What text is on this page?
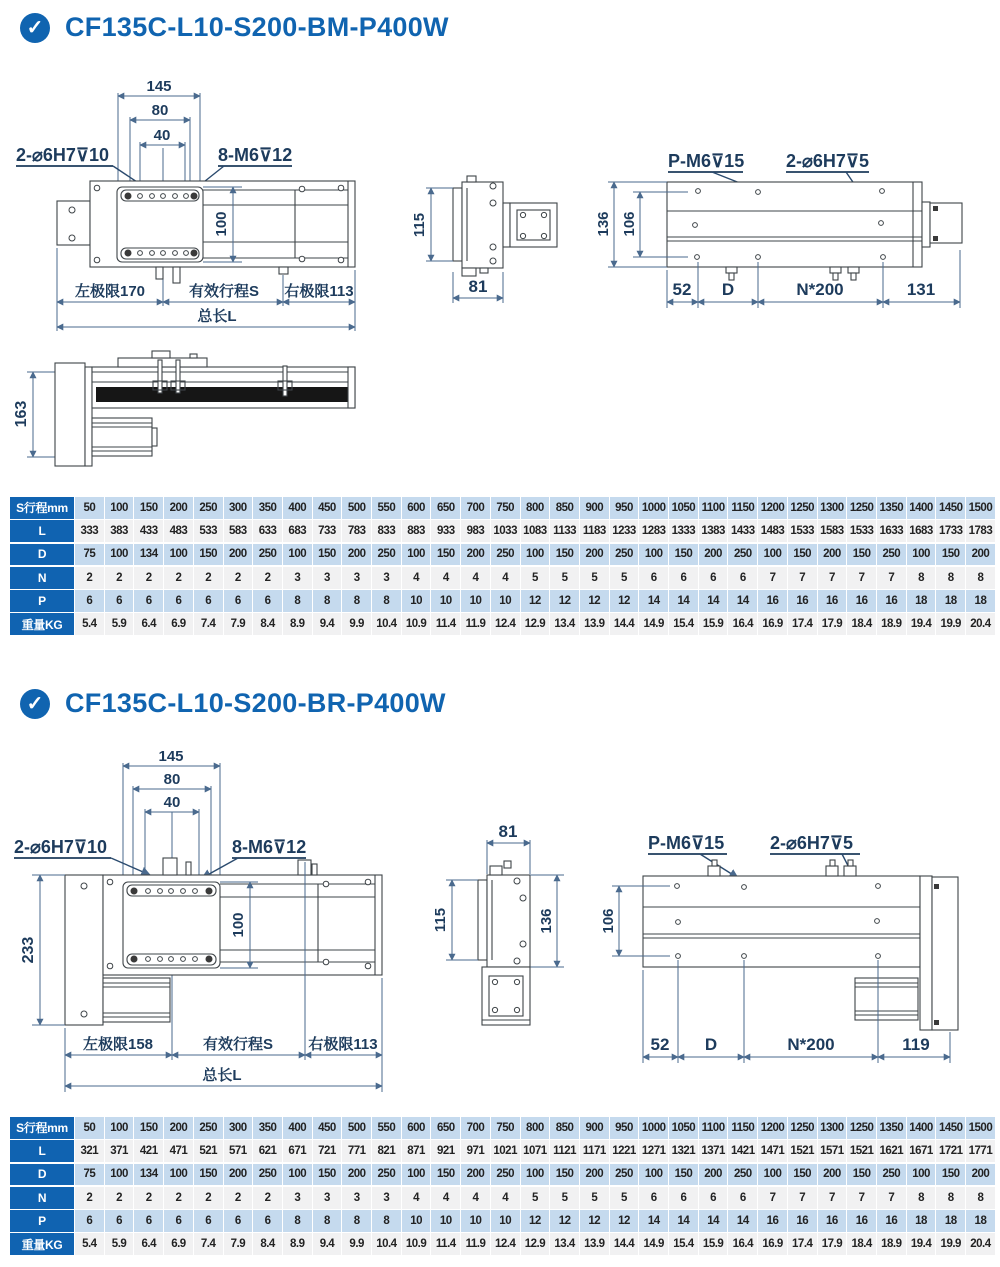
✓ CF135C-L10-S200-BM-P400W
145
80
40
2-⌀6H7⊽10	8-M6⊽12
100
左极限170	有效行程S 右极限113
总长L
115
81
P-M6⊽15 2-⌀6H7⊽5
136 106
52 D	N*200	131
163
S行程mm	50	100	150	200	250	300	350	400	450	500	550	600	650	700	750	800	850	900	950 1000 1050 1100 1150 1200 1250 1300 1250 1350 1400 1450 1500
L	333	383	433	483	533	583	633	683	733	783	833	883	933	983 1033 1083 1133 1183 1233 1283 1333 1383 1433 1483 1533 1583 1533 1633 1683 1733 1783
D	75	100	134	100	150	200	250	100	150	200	250	100	150	200	250	100	150	200	250	100	150	200	250	100	150	200	150	250	100	150	200
N	2	2	2	2	2	2	2	3	3	3	3	4	4	4	4	5	5	5	5	6	6	6	6	7	7	7	7	7	8	8	8
P	6	6	6	6	6	6	6	8	8	8	8	10	10	10	10	12	12	12	12	14	14	14	14	16	16	16	16	16	18	18	18
重量KG	5.4	5.9	6.4	6.9	7.4	7.9	8.4	8.9	9.4	9.9	10.4 10.9 11.4 11.9 12.4 12.9 13.4 13.9 14.4 14.9 15.4 15.9 16.4 16.9 17.4 17.9 18.4 18.9 19.4 19.9 20.4
✓ CF135C-L10-S200-BR-P400W
145
80
40
2-⌀6H7⊽10	8-M6⊽12
100
233
左极限158	有效行程S 右极限113
总长L
81
115	136
P-M6⊽15	2-⌀6H7⊽5
106
52 D	N*200	119
S行程mm	50	100	150	200	250	300	350	400	450	500	550	600	650	700	750	800	850	900	950 1000 1050 1100 1150 1200 1250 1300 1250 1350 1400 1450 1500
L	321	371	421	471	521	571	621	671	721	771	821	871	921	971 1021 1071 1121 1171 1221 1271 1321 1371 1421 1471 1521 1571 1521 1621 1671 1721 1771
D	75	100	134	100	150	200	250	100	150	200	250	100	150	200	250	100	150	200	250	100	150	200	250	100	150	200	150	250	100	150	200
N	2	2	2	2	2	2	2	3	3	3	3	4	4	4	4	5	5	5	5	6	6	6	6	7	7	7	7	7	8	8	8
P	6	6	6	6	6	6	6	8	8	8	8	10	10	10	10	12	12	12	12	14	14	14	14	16	16	16	16	16	18	18	18
重量KG	5.4	5.9	6.4	6.9	7.4	7.9	8.4	8.9	9.4	9.9	10.4 10.9 11.4 11.9 12.4 12.9 13.4 13.9 14.4 14.9 15.4 15.9 16.4 16.9 17.4 17.9 18.4 18.9 19.4 19.9 20.4
